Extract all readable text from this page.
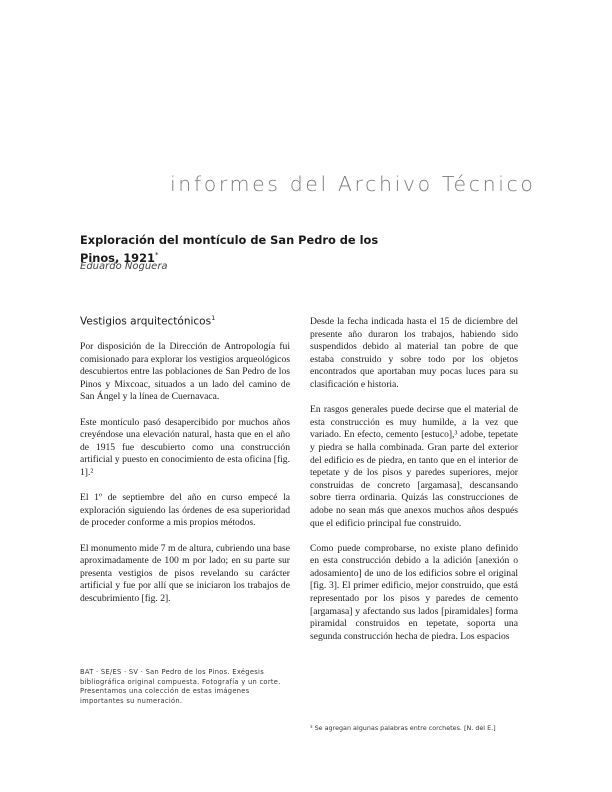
informes del Archivo Técnico
Exploración del montículo de San Pedro de los Pinos, 1921*
Eduardo Noguera
Vestigios arquitectónicos$^1$

Por disposición de la Dirección de Antropología fui comisionado para explorar los vestigios arqueológicos descubiertos entre las poblaciones de San Pedro de los Pinos y Mixcoac, situados a un lado del camino de San Ángel y la línea de Cuernavaca.

Este montículo pasó desapercibido por muchos años creyéndose una elevación natural, hasta que en el año de 1915 fue descubierto como una construcción artificial y puesto en conocimiento de esta oficina [fig. 1].²

El 1º de septiembre del año en curso empecé la exploración siguiendo las órdenes de esa superioridad de proceder conforme a mis propios métodos.

El monumento mide 7 m de altura, cubriendo una base aproximadamente de 100 m por lado; en su parte sur presenta vestigios de pisos revelando su carácter artificial y fue por allí que se iniciaron los trabajos de descubrimiento [fig. 2].

Desde la fecha indicada hasta el 15 de diciembre del presente año duraron los trabajos, habiendo sido suspendidos debido al material tan pobre de que estaba construido y sobre todo por los objetos encontrados que aportaban muy pocas luces para su clasificación e historia.

En rasgos generales puede decirse que el material de esta construcción es muy humilde, a la vez que variado. En efecto, cemento [estuco],³ adobe, tepetate y piedra se halla combinada. Gran parte del exterior del edificio es de piedra, en tanto que en el interior de tepetate y de los pisos y paredes superiores, mejor construidas de concreto [argamasa], descansando sobre tierra ordinaria. Quizás las construcciones de adobe no sean más que anexos muchos años después que el edificio principal fue construido.

Como puede comprobarse, no existe plano definido en esta construcción debido a la adición [anexión o adosamiento] de uno de los edificios sobre el original [fig. 3]. El primer edificio, mejor construido, que está representado por los pisos y paredes de cemento [argamasa] y afectando sus lados [piramidales] forma piramidal construidos en tepetate, soporta una segunda construcción hecha de piedra. Los espacios

BAT · SE/ES · SV · San Pedro de los Pinos. Exégesis bibliográfica original compuesta. Fotografía y un corte. Presentamos una colección de estas imágenes importantes su numeración.
³ Se agregan algunas palabras entre corchetes. [N. del E.]
